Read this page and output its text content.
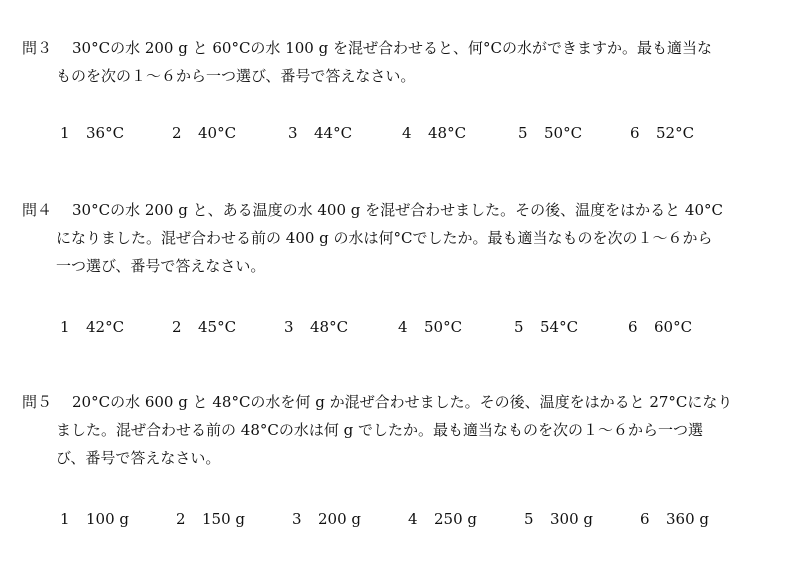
問３	30°Cの水 200 g と 60°Cの水 100 g を混ぜ合わせると、何°Cの水ができますか。最も適当な
ものを次の１～６から一つ選び、番号で答えなさい。
1 36°C	2 40°C	3 44°C	4 48°C	5 50°C	6 52°C
問４	30°Cの水 200 g と、ある温度の水 400 g を混ぜ合わせました。その後、温度をはかると 40°C
になりました。混ぜ合わせる前の 400 g の水は何°Cでしたか。最も適当なものを次の１～６から
一つ選び、番号で答えなさい。
1 42°C	2 45°C	3 48°C	4 50°C	5 54°C	6 60°C
問５	20°Cの水 600 g と 48°Cの水を何 g か混ぜ合わせました。その後、温度をはかると 27°Cになり
ました。混ぜ合わせる前の 48°Cの水は何 g でしたか。最も適当なものを次の１～６から一つ選
び、番号で答えなさい。
1 100 g	2 150 g	3 200 g	4 250 g	5 300 g	6 360 g
